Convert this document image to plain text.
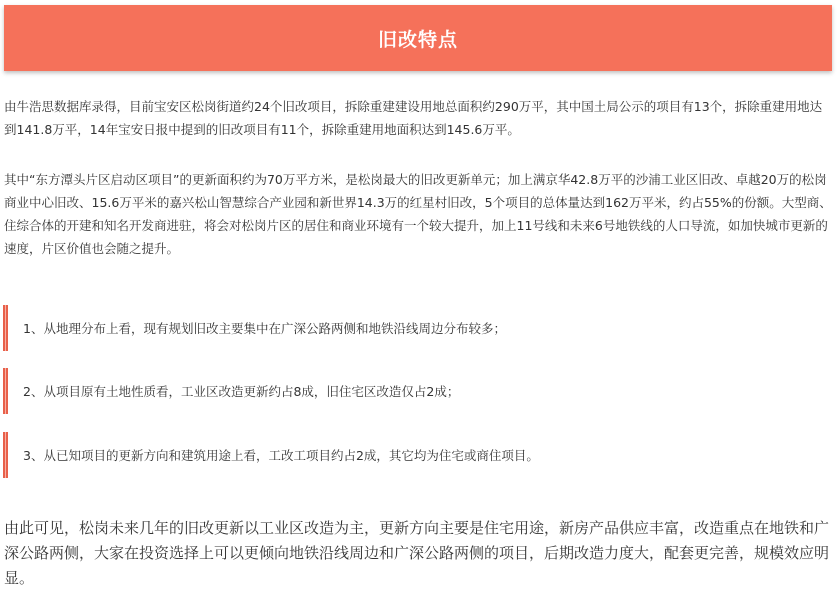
旧改特点
由牛浩思数据库录得，目前宝安区松岗街道约24个旧改项目，拆除重建建设用地总面积约290万平，其中国土局公示的项目有13个，拆除重建用地达到141.8万平，14年宝安日报中提到的旧改项目有11个，拆除重建用地面积达到145.6万平。
其中“东方潭头片区启动区项目”的更新面积约为70万平方米，是松岗最大的旧改更新单元；加上满京华42.8万平的沙浦工业区旧改、卓越20万的松岗商业中心旧改、15.6万平米的嘉兴松山智慧综合产业园和新世界14.3万的红星村旧改，5个项目的总体量达到162万平米，约占55%的份额。大型商、住综合体的开建和知名开发商进驻，将会对松岗片区的居住和商业环境有一个较大提升，加上11号线和未来6号地铁线的人口导流，如加快城市更新的速度，片区价值也会随之提升。
1、从地理分布上看，现有规划旧改主要集中在广深公路两侧和地铁沿线周边分布较多；
2、从项目原有土地性质看，工业区改造更新约占8成，旧住宅区改造仅占2成；
3、从已知项目的更新方向和建筑用途上看，工改工项目约占2成，其它均为住宅或商住项目。
由此可见，松岗未来几年的旧改更新以工业区改造为主，更新方向主要是住宅用途，新房产品供应丰富，改造重点在地铁和广深公路两侧，大家在投资选择上可以更倾向地铁沿线周边和广深公路两侧的项目，后期改造力度大，配套更完善，规模效应明显。
